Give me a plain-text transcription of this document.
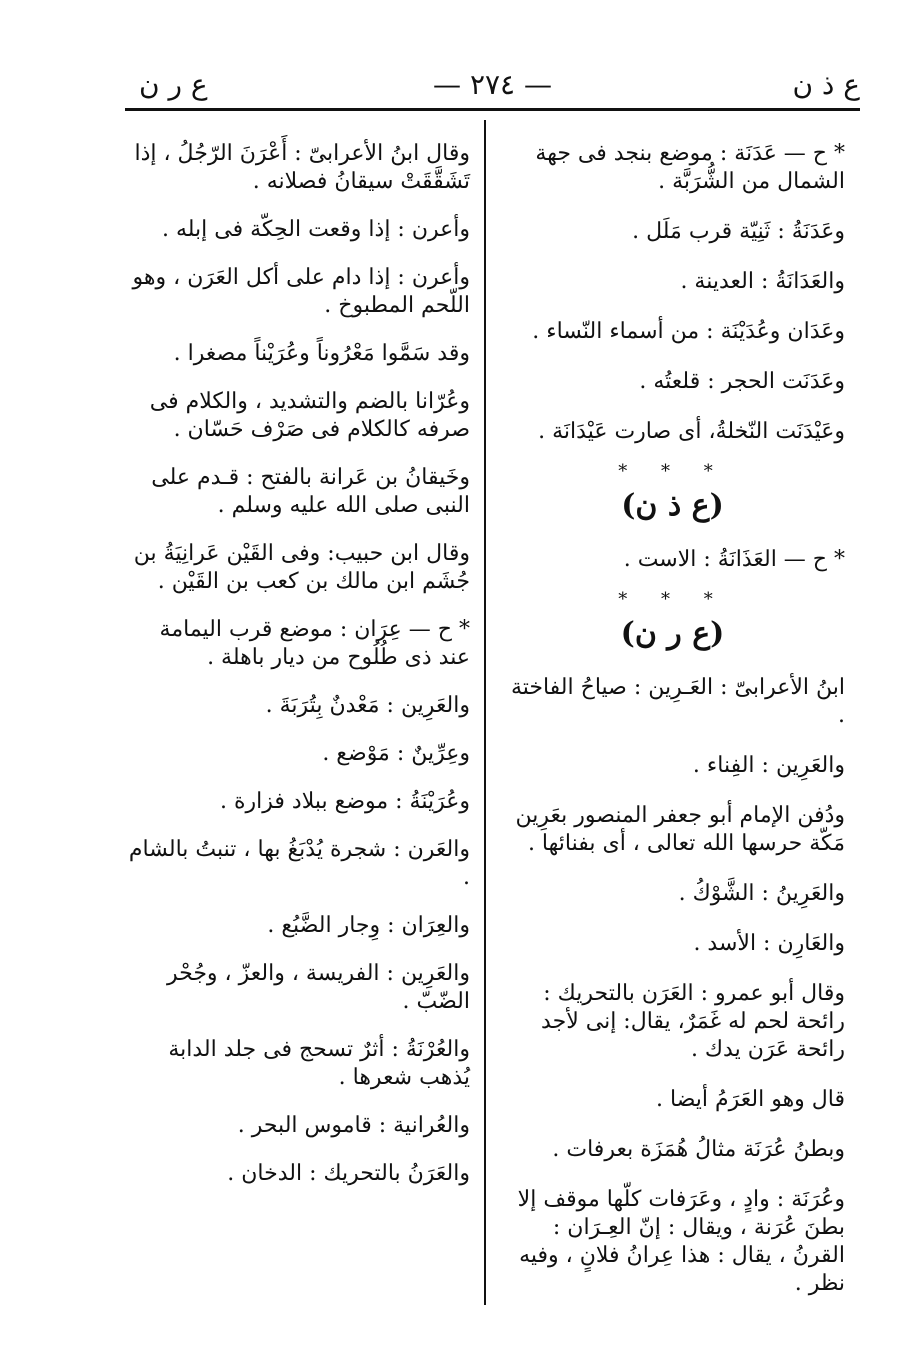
ع ذ ن
— ٢٧٤ —
ع ر ن
* ح — عَدَنَة : موضع بنجد فى جهة الشمال من الشُّرَبَّة .
وعَدَنَةُ : ثَنِيّة قرب مَلَل .
والعَدَانَةُ : العدينة .
وعَدَان وعُدَيْنَة : من أسماء النّساء .
وعَدَنَت الحجر : قلعتُه .
وعَيْدَنَت النّخلةُ، أى صارت عَيْدَانَة .
* * *
(ع ذ ن)
* ح — العَذَانَةُ : الاست .
* * *
(ع ر ن)
ابنُ الأعرابىّ : العَـرِين : صياحُ الفاختة .
والعَرِين : الفِناء .
ودُفن الإمام أبو جعفر المنصور بعَرِين مَكّة حرسها الله تعالى ، أى بفنائها .
والعَرِينُ : الشَّوْكُ .
والعَارِن : الأسد .
وقال أبو عمرو : العَرَن بالتحريك : رائحة لحم له غَمَرٌ، يقال: إنى لأجد رائحة عَرَن يدك .
قال وهو العَرَمُ أيضا .
وبطنُ عُرَنَة مثالُ هُمَزَة بعرفات .
وعُرَنَة : وادٍ ، وعَرَفات كلّها موقف إلا بطنَ عُرَنة ، ويقال : إنّ العِـرَان : القرنُ ، يقال : هذا عِرانُ فلانٍ ، وفيه نظر .
وقال ابنُ الأعرابىّ : أَعْرَنَ الرّجُلُ ، إذا تَشَقَّقَتْ سيقانُ فصلانه .
وأعرن : إذا وقعت الحِكّة فى إبله .
وأعرن : إذا دام على أكل العَرَن ، وهو اللّحم المطبوخ .
وقد سَمَّوا مَعْرُوناً وعُرَيْناً مصغرا .
وعُرّانا بالضم والتشديد ، والكلام فى صرفه كالكلام فى صَرْف حَسّان .
وخَيقانُ بن عَرانة بالفتح : قـدم على النبى صلى الله عليه وسلم .
وقال ابن حبيب: وفى القَيْن عَرانِيَةُ بن جُشَم ابن مالك بن كعب بن القَيْن .
* ح — عِرَان : موضع قرب اليمامة عند ذى طُلُوح من ديار باهلة .
والعَرِين : مَعْدنٌ بِتُرَبَةَ .
وعِرِّينٌ : مَوْضع .
وعُرَيْنَةُ : موضع ببلاد فزارة .
والعَرن : شجرة يُدْبَغُ بها ، تنبتُ بالشام .
والعِرَان : وِجار الضَّبُع .
والعَرِين : الفريسة ، والعزّ ، وجُحْر الضّبّ .
والعُرْنَةُ : أثرٌ تسحج فى جلد الدابة يُذهب شعرها .
والعُرانية : قاموس البحر .
والعَرَنُ بالتحريك : الدخان .
